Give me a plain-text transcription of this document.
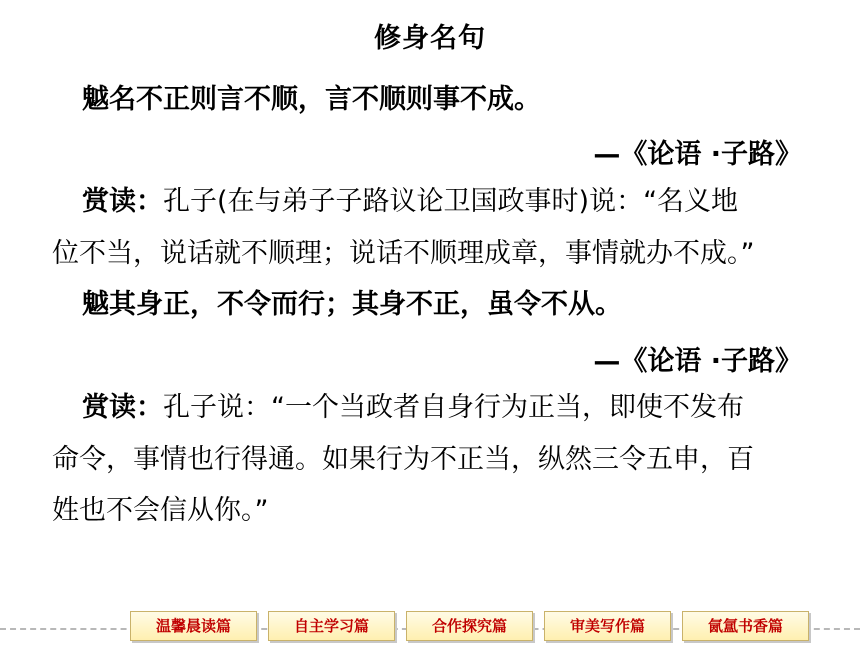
修身名句
魆名不正则言不顺，言不顺则事不成。
—《论语 ·子路》
赏读：孔子(在与弟子子路议论卫国政事时)说：“名义地
位不当，说话就不顺理；说话不顺理成章，事情就办不成。”
魆其身正，不令而行；其身不正，虽令不从。
—《论语 ·子路》
赏读：孔子说：“一个当政者自身行为正当，即使不发布
命令，事情也行得通。如果行为不正当，纵然三令五申，百
姓也不会信从你。”
温馨晨读篇	自主学习篇	合作探究篇	审美写作篇	氤氲书香篇
